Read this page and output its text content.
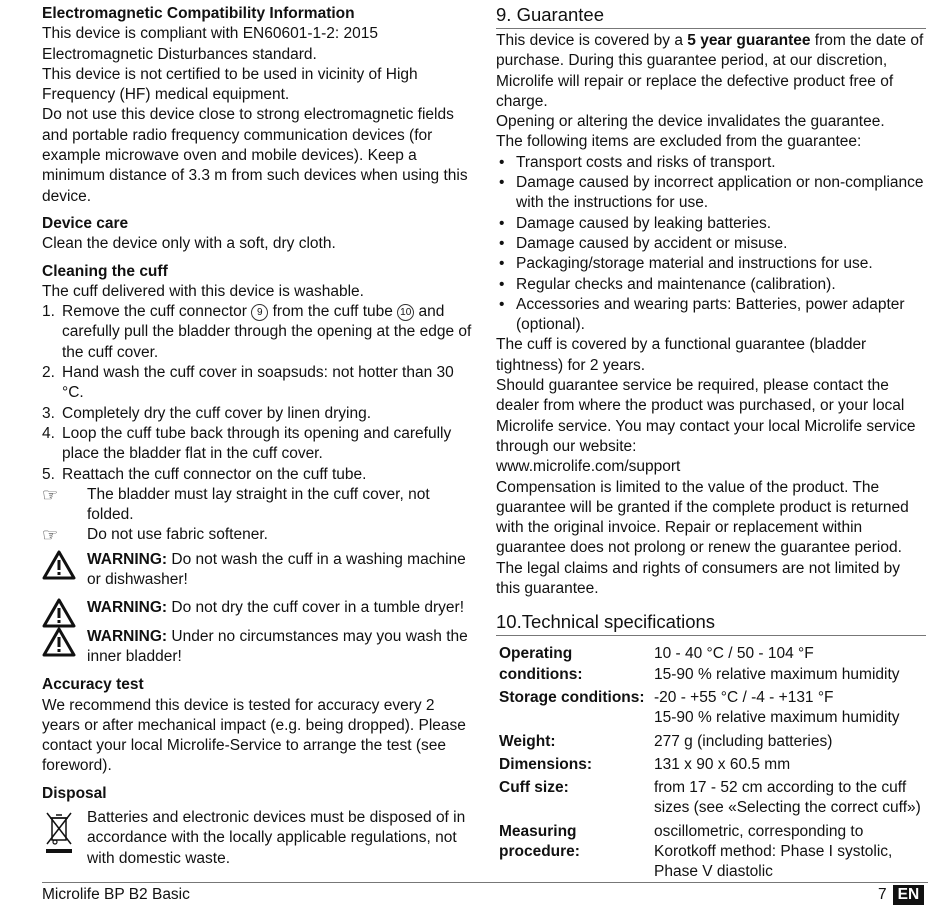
Electromagnetic Compatibility Information

This device is compliant with EN60601-1-2: 2015 Electromagnetic Disturbances standard.

This device is not certified to be used in vicinity of High Frequency (HF) medical equipment.

Do not use this device close to strong electromagnetic fields and portable radio frequency communication devices (for example microwave oven and mobile devices). Keep a minimum distance of 3.3 m from such devices when using this device.

Device care

Clean the device only with a soft, dry cloth.

Cleaning the cuff

The cuff delivered with this device is washable.

1. Remove the cuff connector 9 from the cuff tube 10 and carefully pull the bladder through the opening at the edge of the cuff cover.
2. Hand wash the cuff cover in soapsuds: not hotter than 30 °C.
3. Completely dry the cuff cover by linen drying.
4. Loop the cuff tube back through its opening and carefully place the bladder flat in the cuff cover.
5. Reattach the cuff connector on the cuff tube.
☞ The bladder must lay straight in the cuff cover, not folded.
☞ Do not use fabric softener.
WARNING: Do not wash the cuff in a washing machine or dishwasher!
WARNING: Do not dry the cuff cover in a tumble dryer!
WARNING: Under no circumstances may you wash the inner bladder!
Accuracy test

We recommend this device is tested for accuracy every 2 years or after mechanical impact (e.g. being dropped). Please contact your local Microlife-Service to arrange the test (see foreword).

Disposal
Batteries and electronic devices must be disposed of in accordance with the locally applicable regulations, not with domestic waste.
9. Guarantee

This device is covered by a 5 year guarantee from the date of purchase. During this guarantee period, at our discretion, Microlife will repair or replace the defective product free of charge.

Opening or altering the device invalidates the guarantee.

The following items are excluded from the guarantee:

• Transport costs and risks of transport.
• Damage caused by incorrect application or non-compliance with the instructions for use.
• Damage caused by leaking batteries.
• Damage caused by accident or misuse.
• Packaging/storage material and instructions for use.
• Regular checks and maintenance (calibration).
• Accessories and wearing parts: Batteries, power adapter (optional).

The cuff is covered by a functional guarantee (bladder tightness) for 2 years.

Should guarantee service be required, please contact the dealer from where the product was purchased, or your local Microlife service. You may contact your local Microlife service through our website:

www.microlife.com/support

Compensation is limited to the value of the product. The guarantee will be granted if the complete product is returned with the original invoice. Repair or replacement within guarantee does not prolong or renew the guarantee period. The legal claims and rights of consumers are not limited by this guarantee.

10.Technical specifications
Operating conditions:	10 - 40 °C / 50 - 104 °F
15-90 % relative maximum humidity

Storage conditions:	-20 - +55 °C / -4 - +131 °F
15-90 % relative maximum humidity

Weight:	277 g (including batteries)
Dimensions:	131 x 90 x 60.5 mm
Cuff size:	from 17 - 52 cm according to the cuff sizes (see «Selecting the correct cuff»)
Measuring procedure:	oscillometric, corresponding to Korotkoff method: Phase I systolic, Phase V diastolic
Microlife BP B2 Basic	7 EN
